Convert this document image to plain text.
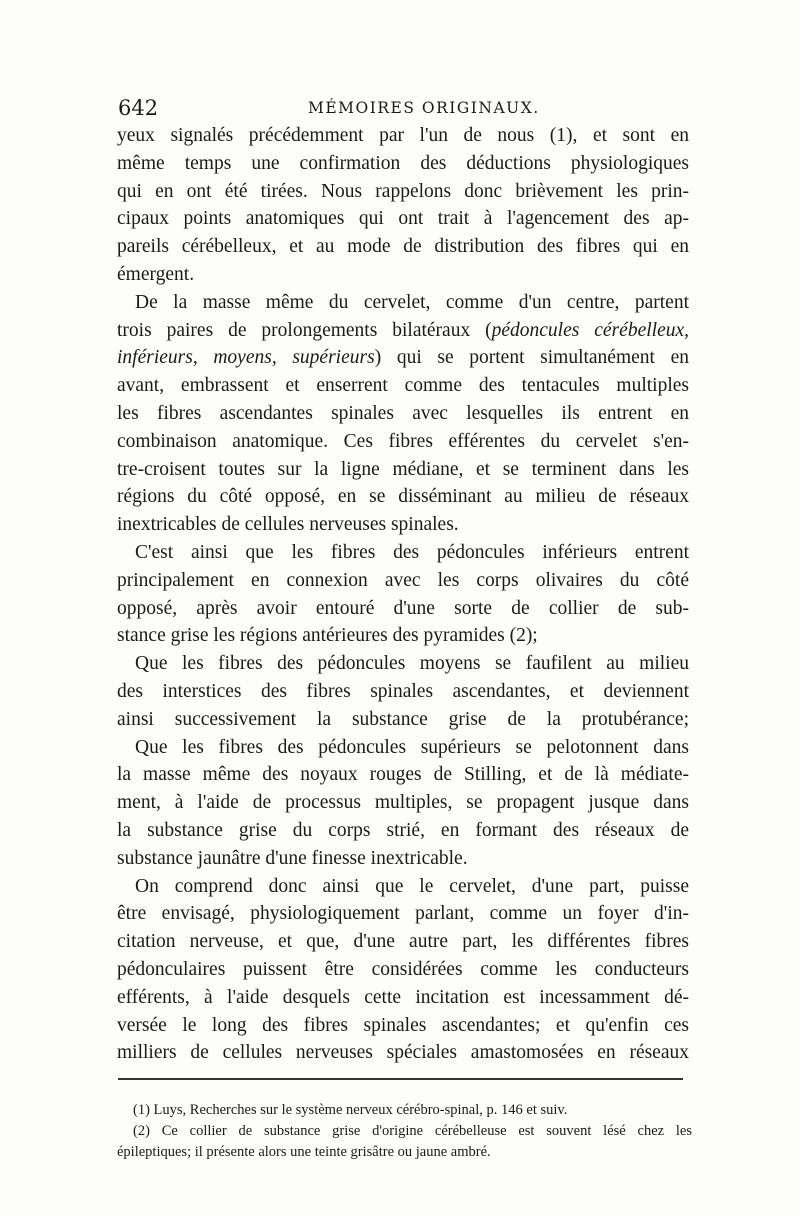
642	MÉMOIRES ORIGINAUX.
yeux signalés précédemment par l'un de nous (1), et sont en
même temps une confirmation des déductions physiologiques
qui en ont été tirées. Nous rappelons donc brièvement les prin-
cipaux points anatomiques qui ont trait à l'agencement des ap-
pareils cérébelleux, et au mode de distribution des fibres qui en
émergent.
De la masse même du cervelet, comme d'un centre, partent
trois paires de prolongements bilatéraux (pédoncules cérébelleux,
inférieurs, moyens, supérieurs) qui se portent simultanément en
avant, embrassent et enserrent comme des tentacules multiples
les fibres ascendantes spinales avec lesquelles ils entrent en
combinaison anatomique. Ces fibres efférentes du cervelet s'en-
tre-croisent toutes sur la ligne médiane, et se terminent dans les
régions du côté opposé, en se disséminant au milieu de réseaux
inextricables de cellules nerveuses spinales.
C'est ainsi que les fibres des pédoncules inférieurs entrent
principalement en connexion avec les corps olivaires du côté
opposé, après avoir entouré d'une sorte de collier de sub-
stance grise les régions antérieures des pyramides (2);
Que les fibres des pédoncules moyens se faufilent au milieu
des interstices des fibres spinales ascendantes, et deviennent
ainsi successivement la substance grise de la protubérance;
Que les fibres des pédoncules supérieurs se pelotonnent dans
la masse même des noyaux rouges de Stilling, et de là médiate-
ment, à l'aide de processus multiples, se propagent jusque dans
la substance grise du corps strié, en formant des réseaux de
substance jaunâtre d'une finesse inextricable.
On comprend donc ainsi que le cervelet, d'une part, puisse
être envisagé, physiologiquement parlant, comme un foyer d'in-
citation nerveuse, et que, d'une autre part, les différentes fibres
pédonculaires puissent être considérées comme les conducteurs
efférents, à l'aide desquels cette incitation est incessamment dé-
versée le long des fibres spinales ascendantes; et qu'enfin ces
milliers de cellules nerveuses spéciales amastomosées en réseaux
(1) Luys, Recherches sur le système nerveux cérébro-spinal, p. 146 et suiv.
(2) Ce collier de substance grise d'origine cérébelleuse est souvent lésé chez les
épileptiques; il présente alors une teinte grisâtre ou jaune ambré.
